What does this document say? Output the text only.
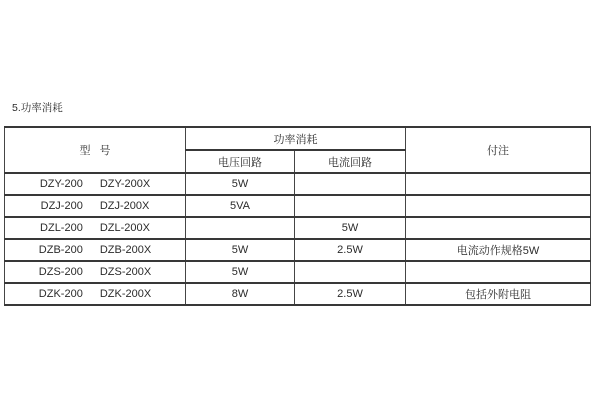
5.功率消耗
型 号	功率消耗		付注
	电压回路	电流回路	

DZY-200 DZY-200X	5W		

DZJ-200 DZJ-200X	5VA		

DZL-200 DZL-200X		5W	

DZB-200 DZB-200X	5W	2.5W	电流动作规格5W

DZS-200 DZS-200X	5W		

DZK-200 DZK-200X	8W	2.5W	包括外附电阻
